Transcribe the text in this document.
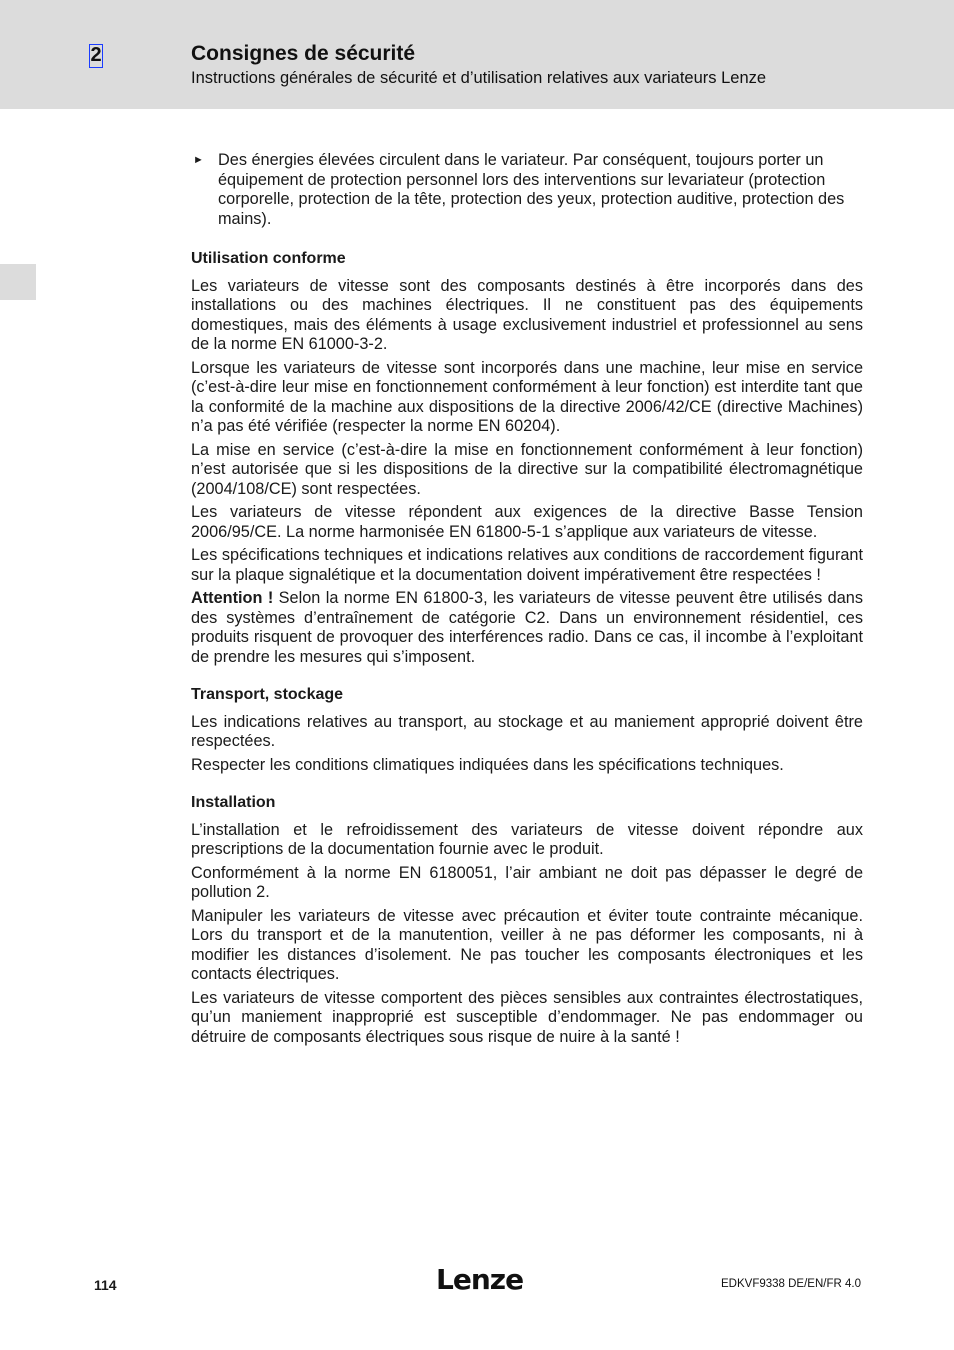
2	Consignes de sécurité
Instructions générales de sécurité et d’utilisation relatives aux variateurs Lenze
► Des énergies élevées circulent dans le variateur. Par conséquent, toujours porter un équipement de protection personnel lors des interventions sur levariateur (protection corporelle, protection de la tête, protection des yeux, protection auditive, protection des mains).
Utilisation conforme

Les variateurs de vitesse sont des composants destinés à être incorporés dans des installations ou des machines électriques. Il ne constituent pas des équipements domestiques, mais des éléments à usage exclusivement industriel et professionnel au sens de la norme EN 61000-3-2.

Lorsque les variateurs de vitesse sont incorporés dans une machine, leur mise en service (c’est-à-dire leur mise en fonctionnement conformément à leur fonction) est interdite tant que la conformité de la machine aux dispositions de la directive 2006/42/CE (directive Machines) n’a pas été vérifiée (respecter la norme EN 60204).

La mise en service (c’est-à-dire la mise en fonctionnement conformément à leur fonction) n’est autorisée que si les dispositions de la directive sur la compatibilité électromagnétique (2004/108/CE) sont respectées.

Les variateurs de vitesse répondent aux exigences de la directive Basse Tension 2006/95/CE. La norme harmonisée EN 61800-5-1 s’applique aux variateurs de vitesse.

Les spécifications techniques et indications relatives aux conditions de raccordement figurant sur la plaque signalétique et la documentation doivent impérativement être respectées !

Attention ! Selon la norme EN 61800-3, les variateurs de vitesse peuvent être utilisés dans des systèmes d’entraînement de catégorie C2. Dans un environnement résidentiel, ces produits risquent de provoquer des interférences radio. Dans ce cas, il incombe à l’exploitant de prendre les mesures qui s’imposent.

Transport, stockage

Les indications relatives au transport, au stockage et au maniement approprié doivent être respectées.

Respecter les conditions climatiques indiquées dans les spécifications techniques.

Installation

L’installation et le refroidissement des variateurs de vitesse doivent répondre aux prescriptions de la documentation fournie avec le produit.

Conformément à la norme EN 6180051, l’air ambiant ne doit pas dépasser le degré de pollution 2.

Manipuler les variateurs de vitesse avec précaution et éviter toute contrainte mécanique. Lors du transport et de la manutention, veiller à ne pas déformer les composants, ni à modifier les distances d’isolement. Ne pas toucher les composants électroniques et les contacts électriques.

Les variateurs de vitesse comportent des pièces sensibles aux contraintes électrostatiques, qu’un maniement inapproprié est susceptible d’endommager. Ne pas endommager ou détruire de composants électriques sous risque de nuire à la santé !

114	Lenze	EDKVF9338 DE/EN/FR 4.0
